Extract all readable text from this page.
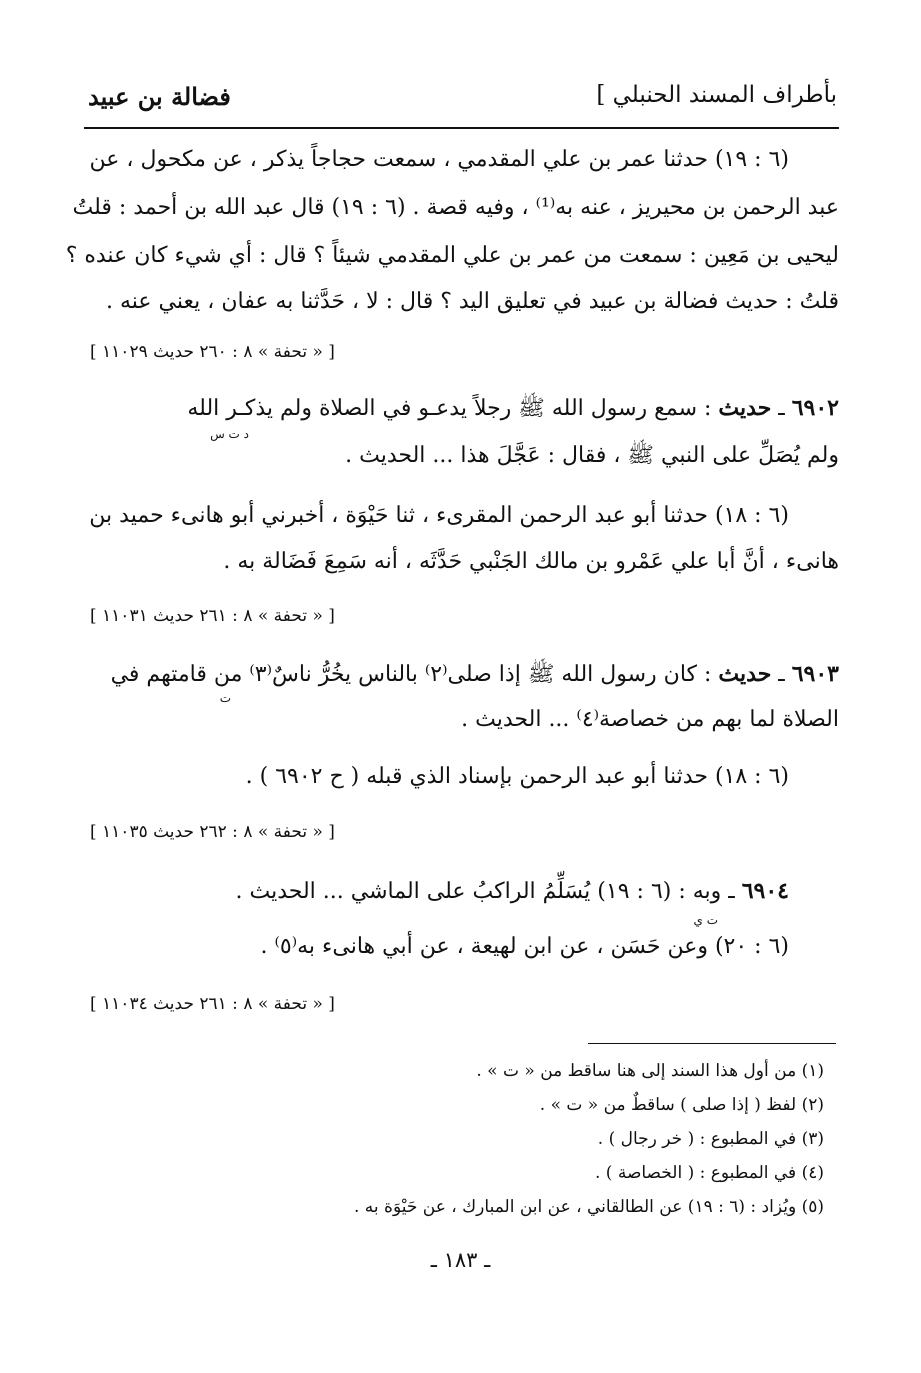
بأطراف المسند الحنبلي ]
فضالة بن عبيد
(٦ : ١٩) حدثنا عمر بن علي المقدمي ، سمعت حجاجاً يذكر ، عن مكحول ، عن
عبد الرحمن بن محيريز ، عنه به⁽¹⁾ ، وفيه قصة . (٦ : ١٩) قال عبد الله بن أحمد : قلتُ
ليحيى بن مَعِين : سمعت من عمر بن علي المقدمي شيئاً ؟ قال : أي شيء كان عنده ؟
قلتُ : حديث فضالة بن عبيد في تعليق اليد ؟ قال : لا ، حَدَّثنا به عفان ، يعني عنه .
[ « تحفة » ٨ : ٢٦٠ حديث ١١٠٢٩ ]
٦٩٠٢ ـ حديث : سمع رسول الله ﷺ رجلاً يدعـو في الصلاة ولم يذكـر الله
د ت س
ولم يُصَلِّ على النبي ﷺ ، فقال : عَجَّلَ هذا ... الحديث .
(٦ : ١٨) حدثنا أبو عبد الرحمن المقرىء ، ثنا حَيْوَة ، أخبرني أبو هانىء حميد بن
هانىء ، أنَّ أبا علي عَمْرو بن مالك الجَنْبي حَدَّثَه ، أنه سَمِعَ فَضَالة به .
[ « تحفة » ٨ : ٢٦١ حديث ١١٠٣١ ]
٦٩٠٣ ـ حديث : كان رسول الله ﷺ إذا صلى⁽٢⁾ بالناس يخُرُّ ناسٌ⁽٣⁾ من قامتهم في
ت
الصلاة لما بهم من خصاصة⁽٤⁾ ... الحديث .
(٦ : ١٨) حدثنا أبو عبد الرحمن بإسناد الذي قبله ( ح ٦٩٠٢ ) .
[ « تحفة » ٨ : ٢٦٢ حديث ١١٠٣٥ ]
٦٩٠٤ ـ وبه : (٦ : ١٩) يُسَلِّمُ الراكبُ على الماشي ... الحديث .
ت ي
(٦ : ٢٠) وعن حَسَن ، عن ابن لهيعة ، عن أبي هانىء به⁽٥⁾ .
[ « تحفة » ٨ : ٢٦١ حديث ١١٠٣٤ ]
(١) من أول هذا السند إلى هنا ساقط من « ت » .
(٢) لفظ ( إذا صلى ) ساقطٌ من « ت » .
(٣) في المطبوع : ( خر رجال ) .
(٤) في المطبوع : ( الخصاصة ) .
(٥) ويُزاد : (٦ : ١٩) عن الطالقاني ، عن ابن المبارك ، عن حَيْوَة به .
ـ ١٨٣ ـ
